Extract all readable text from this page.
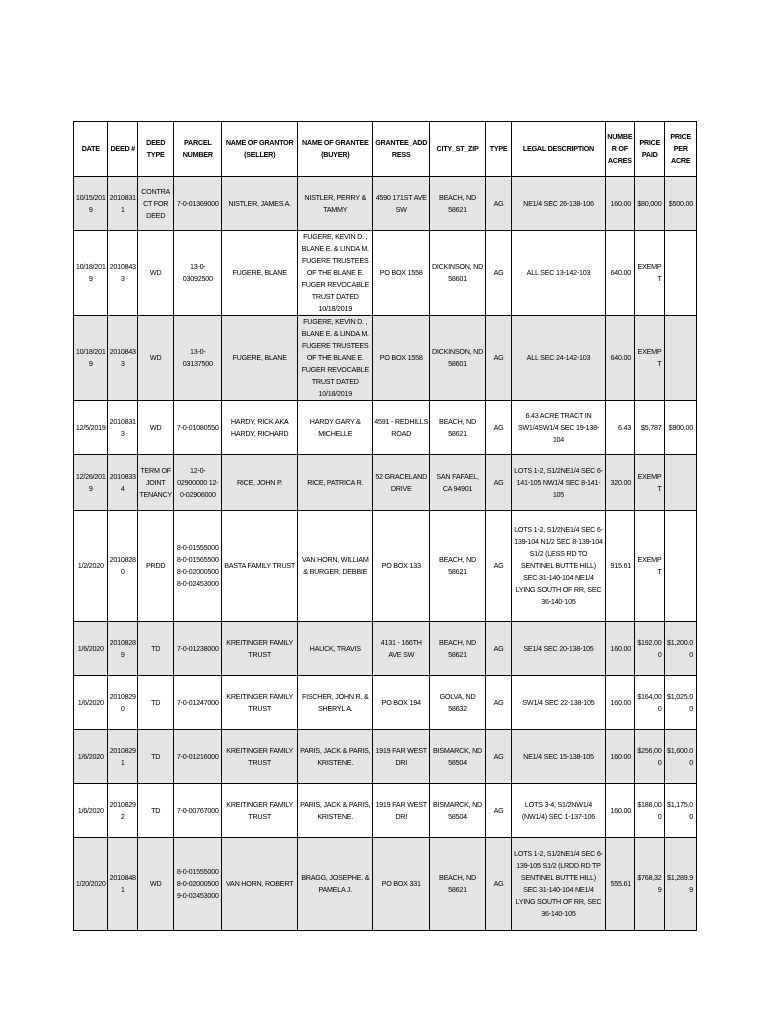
DATE	DEED #	DEED TYPE	PARCEL NUMBER	NAME OF GRANTOR (SELLER)	NAME OF GRANTEE (BUYER)	GRANTEE_ADDRESS	CITY_ST_ZIP	TYPE	LEGAL DESCRIPTION	NUMBER OF ACRES	PRICE PAID	PRICE PER ACRE
10/15/2019	20108311	CONTRACT FOR DEED	7-0-01369000	NISTLER, JAMES A.	NISTLER, PERRY & TAMMY	4590 171ST AVE SW	BEACH, ND 58621	AG	NE1/4 SEC 26-138-106	160.00	$80,000	$500.00
10/18/2019	20108433	WD	13-0-03092500	FUGERE, BLANE	FUGERE, KEVIN D. , BLANE E. & LINDA M. FUGERE TRUSTEES OF THE BLANE E. FUGER REVOCABLE TRUST DATED 10/18/2019	PO BOX 1558	DICKINSON, ND 58601	AG	ALL SEC 13-142-103	640.00	EXEMPT	
10/18/2019	20108433	WD	13-0-03137500	FUGERE, BLANE	FUGERE, KEVIN D. , BLANE E. & LINDA M. FUGERE TRUSTEES OF THE BLANE E. FUGER REVOCABLE TRUST DATED 10/18/2019	PO BOX 1558	DICKINSON, ND 58601	AG	ALL SEC 24-142-103	640.00	EXEMPT	
12/5/2019	20108313	WD	7-0-01080550	HARDY, RICK AKA HARDY, RICHARD	HARDY GARY & MICHELLE	4591 - REDHILLS ROAD	BEACH, ND 58621	AG	6.43 ACRE TRACT IN SW1/4SW1/4 SEC 19-138-104	6.43	$5,787	$900.00
12/26/2019	20108334	TERM OF JOINT TENANCY	12-0-02900000 12-0-02906000	RICE, JOHN P.	RICE, PATRICA R.	52 GRACELAND DRIVE	SAN FAFAEL, CA 94901	AG	LOTS 1-2, S1/2NE1/4 SEC 6-141-105 NW1/4 SEC 8-141-105	320.00	EXEMPT	
1/2/2020	20108280	PRDD	8-0-01555000 8-0-01565500 8-0-02000500 8-0-02453000	BASTA FAMILY TRUST	VAN HORN, WILLIAM & BURGER, DEBBIE	PO BOX 133	BEACH, ND 58621	AG	LOTS 1-2, S1/2NE1/4 SEC 6-139-104 N1/2 SEC 8-139-104 S1/2 (LESS RD TO SENTINEL BUTTE HILL) SEC 31-140-104 NE1/4 LYING SOUTH OF RR, SEC 36-140-105	915.61	EXEMPT	
1/6/2020	20108289	TD	7-0-01238000	KREITINGER FAMILY TRUST	HAUCK, TRAVIS	4131 - 166TH AVE SW	BEACH, ND 58621	AG	SE1/4 SEC 20-138-105	160.00	$192,000	$1,200.00
1/6/2020	20108290	TD	7-0-01247000	KREITINGER FAMILY TRUST	FISCHER, JOHN R. & SHERYL A.	PO BOX 194	GOLVA, ND 58632	AG	SW1/4 SEC 22-138-105	160.00	$164,000	$1,025.00
1/6/2020	20108291	TD	7-0-01216000	KREITINGER FAMILY TRUST	PARIS, JACK & PARIS, KRISTENE.	1919 FAR WEST DRI	BISMARCK, ND 58504	AG	NE1/4 SEC 15-138-105	160.00	$256,000	$1,600.00
1/6/2020	20108292	TD	7-0-00767000	KREITINGER FAMILY TRUST	PARIS, JACK & PARIS, KRISTENE.	1919 FAR WEST DRI	BISMARCK, ND 58504	AG	LOTS 3-4, S1/2NW1/4 (NW1/4) SEC 1-137-106	160.00	$188,000	$1,175.00
1/20/2020	20108481	WD	8-0-01555000 8-0-02000500 9-0-02453000	VAN HORN, ROBERT	BRAGG, JOSEPHE. & PAMELA J.	PO BOX 331	BEACH, ND 58621	AG	LOTS 1-2, S1/2NE1/4 SEC 6-139-105 S1/2 (LRDD RD TP SENTINEL BUTTE HILL) SEC 31-140-104 NE1/4 LYING SOUTH OF RR, SEC 36-140-105	555.61	$768,329	$1,289.99
